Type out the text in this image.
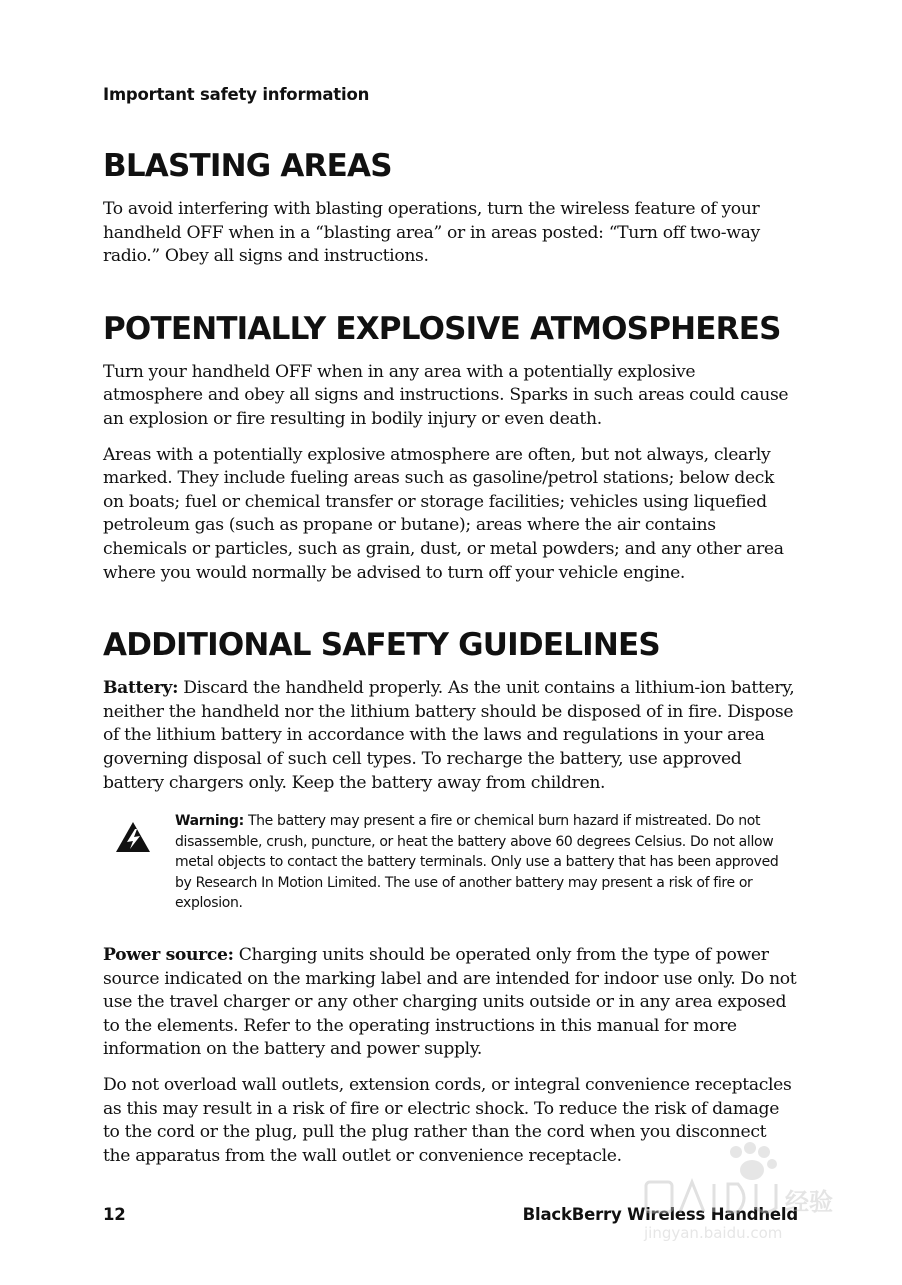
Important safety information
BLASTING AREAS

To avoid interfering with blasting operations, turn the wireless feature of your handheld OFF when in a “blasting area” or in areas posted: “Turn off two-way radio.” Obey all signs and instructions.

POTENTIALLY EXPLOSIVE ATMOSPHERES

Turn your handheld OFF when in any area with a potentially explosive atmosphere and obey all signs and instructions. Sparks in such areas could cause an explosion or fire resulting in bodily injury or even death.

Areas with a potentially explosive atmosphere are often, but not always, clearly marked. They include fueling areas such as gasoline/petrol stations; below deck on boats; fuel or chemical transfer or storage facilities; vehicles using liquefied petroleum gas (such as propane or butane); areas where the air contains chemicals or particles, such as grain, dust, or metal powders; and any other area where you would normally be advised to turn off your vehicle engine.

ADDITIONAL SAFETY GUIDELINES

Battery: Discard the handheld properly. As the unit contains a lithium-ion battery, neither the handheld nor the lithium battery should be disposed of in fire. Dispose of the lithium battery in accordance with the laws and regulations in your area governing disposal of such cell types. To recharge the battery, use approved battery chargers only. Keep the battery away from children.

Warning: The battery may present a fire or chemical burn hazard if mistreated. Do not disassemble, crush, puncture, or heat the battery above 60 degrees Celsius. Do not allow metal objects to contact the battery terminals. Only use a battery that has been approved by Research In Motion Limited. The use of another battery may present a risk of fire or explosion.

Power source: Charging units should be operated only from the type of power source indicated on the marking label and are intended for indoor use only. Do not use the travel charger or any other charging units outside or in any area exposed to the elements. Refer to the operating instructions in this manual for more information on the battery and power supply.

Do not overload wall outlets, extension cords, or integral convenience receptacles as this may result in a risk of fire or electric shock. To reduce the risk of damage to the cord or the plug, pull the plug rather than the cord when you disconnect the apparatus from the wall outlet or convenience receptacle.

12	BlackBerry Wireless Handheld
经验
jingyan.baidu.com
